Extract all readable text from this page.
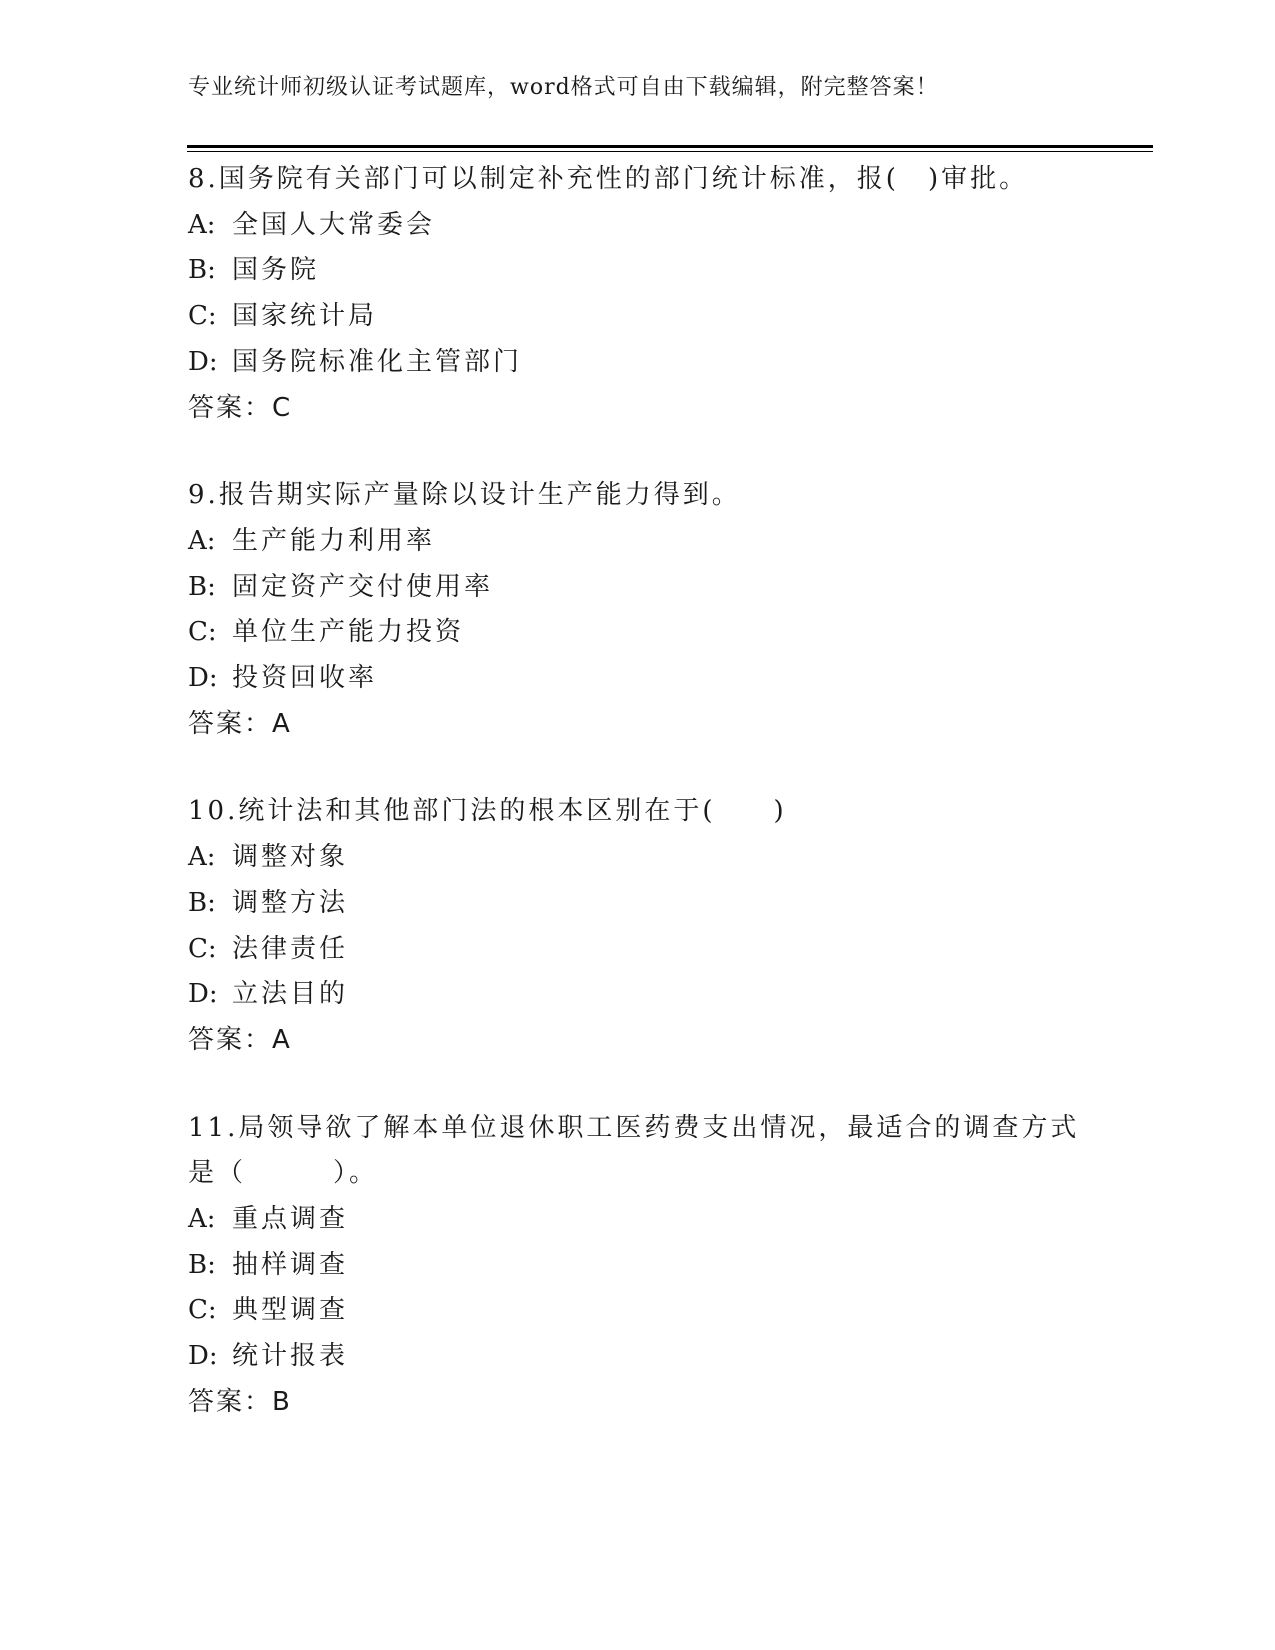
专业统计师初级认证考试题库，word格式可自由下载编辑，附完整答案！
8.国务院有关部门可以制定补充性的部门统计标准，报(　)审批。
A: 全国人大常委会
B: 国务院
C: 国家统计局
D: 国务院标准化主管部门
答案：C
9.报告期实际产量除以设计生产能力得到。
A: 生产能力利用率
B: 固定资产交付使用率
C: 单位生产能力投资
D: 投资回收率
答案：A
10.统计法和其他部门法的根本区别在于(　　)
A: 调整对象
B: 调整方法
C: 法律责任
D: 立法目的
答案：A
11.局领导欲了解本单位退休职工医药费支出情况，最适合的调查方式是（　　　）。
A: 重点调查
B: 抽样调查
C: 典型调查
D: 统计报表
答案：B
